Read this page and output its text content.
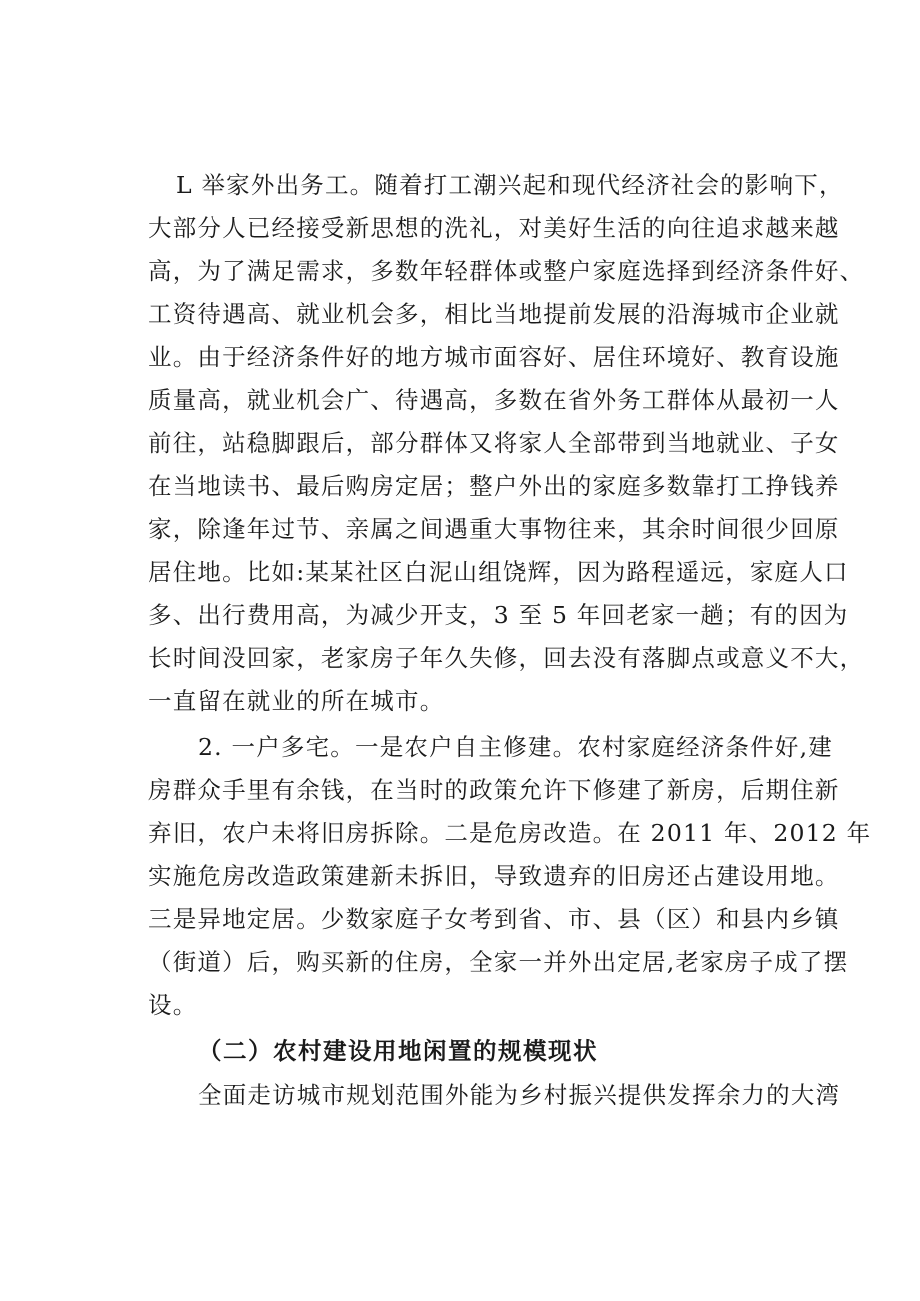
L 举家外出务工。随着打工潮兴起和现代经济社会的影响下，
大部分人已经接受新思想的洗礼，对美好生活的向往追求越来越
高，为了满足需求，多数年轻群体或整户家庭选择到经济条件好、
工资待遇高、就业机会多，相比当地提前发展的沿海城市企业就
业。由于经济条件好的地方城市面容好、居住环境好、教育设施
质量高，就业机会广、待遇高，多数在省外务工群体从最初一人
前往，站稳脚跟后，部分群体又将家人全部带到当地就业、子女
在当地读书、最后购房定居；整户外出的家庭多数靠打工挣钱养
家，除逢年过节、亲属之间遇重大事物往来，其余时间很少回原
居住地。比如:某某社区白泥山组饶辉，因为路程遥远，家庭人口
多、出行费用高，为减少开支，3 至 5 年回老家一趟；有的因为
长时间没回家，老家房子年久失修，回去没有落脚点或意义不大，
一直留在就业的所在城市。
2. 一户多宅。一是农户自主修建。农村家庭经济条件好,建
房群众手里有余钱，在当时的政策允许下修建了新房，后期住新
弃旧，农户未将旧房拆除。二是危房改造。在 2011 年、2012 年
实施危房改造政策建新未拆旧，导致遗弃的旧房还占建设用地。
三是异地定居。少数家庭子女考到省、市、县（区）和县内乡镇
（街道）后，购买新的住房，全家一并外出定居,老家房子成了摆
设。
（二）农村建设用地闲置的规模现状
全面走访城市规划范围外能为乡村振兴提供发挥余力的大湾
